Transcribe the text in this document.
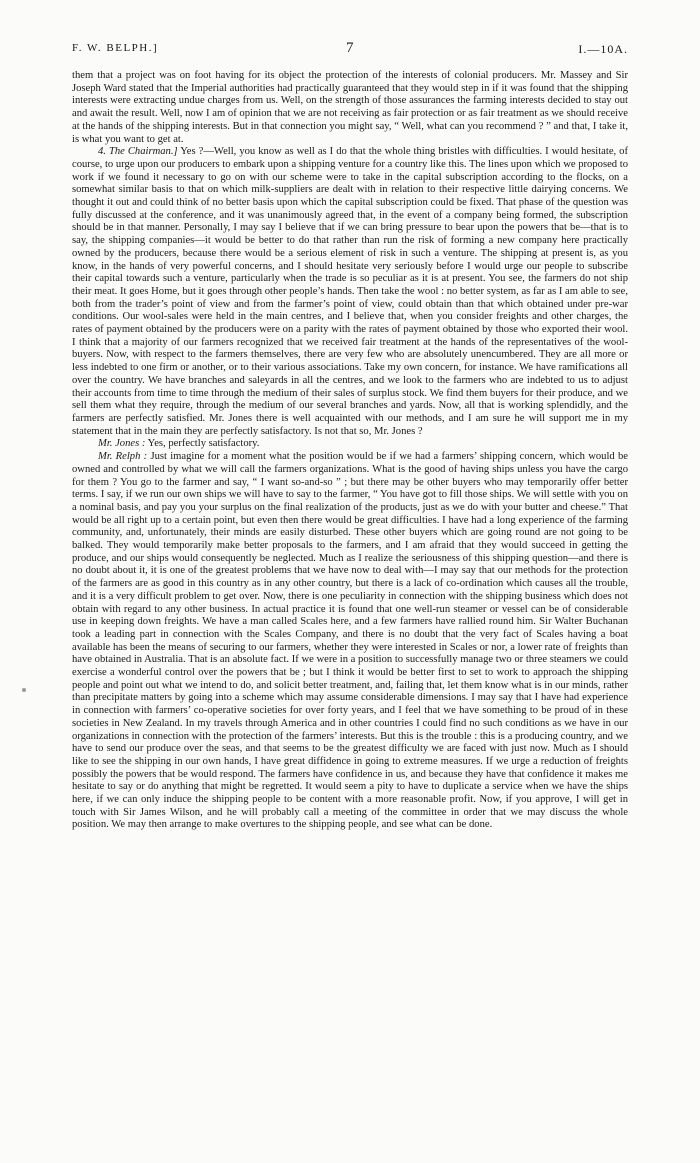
F. W. BELPH.]	7	I.—10A.

them that a project was on foot having for its object the protection of the interests of colonial producers. Mr. Massey and Sir Joseph Ward stated that the Imperial authorities had practically guaranteed that they would step in if it was found that the shipping interests were extracting undue charges from us. Well, on the strength of those assurances the farming interests decided to stay out and await the result. Well, now I am of opinion that we are not receiving as fair protection or as fair treatment as we should receive at the hands of the shipping interests. But in that connection you might say, “ Well, what can you recommend ? ” and that, I take it, is what you want to get at.

4. The Chairman.] Yes ?—Well, you know as well as I do that the whole thing bristles with difficulties. I would hesitate, of course, to urge upon our producers to embark upon a shipping venture for a country like this. The lines upon which we proposed to work if we found it necessary to go on with our scheme were to take in the capital subscription according to the flocks, on a somewhat similar basis to that on which milk-suppliers are dealt with in relation to their respective little dairying concerns. We thought it out and could think of no better basis upon which the capital subscription could be fixed. That phase of the question was fully discussed at the conference, and it was unanimously agreed that, in the event of a company being formed, the subscription should be in that manner. Personally, I may say I believe that if we can bring pressure to bear upon the powers that be—that is to say, the shipping companies—it would be better to do that rather than run the risk of forming a new company here practically owned by the producers, because there would be a serious element of risk in such a venture. The shipping at present is, as you know, in the hands of very powerful concerns, and I should hesitate very seriously before I would urge our people to subscribe their capital towards such a venture, particularly when the trade is so peculiar as it is at present. You see, the farmers do not ship their meat. It goes Home, but it goes through other people’s hands. Then take the wool : no better system, as far as I am able to see, both from the trader’s point of view and from the farmer’s point of view, could obtain than that which obtained under pre-war conditions. Our wool-sales were held in the main centres, and I believe that, when you consider freights and other charges, the rates of payment obtained by the producers were on a parity with the rates of payment obtained by those who exported their wool. I think that a majority of our farmers recognized that we received fair treatment at the hands of the representatives of the wool-buyers. Now, with respect to the farmers themselves, there are very few who are absolutely unencumbered. They are all more or less indebted to one firm or another, or to their various associations. Take my own concern, for instance. We have ramifications all over the country. We have branches and saleyards in all the centres, and we look to the farmers who are indebted to us to adjust their accounts from time to time through the medium of their sales of surplus stock. We find them buyers for their produce, and we sell them what they require, through the medium of our several branches and yards. Now, all that is working splendidly, and the farmers are perfectly satisfied. Mr. Jones there is well acquainted with our methods, and I am sure he will support me in my statement that in the main they are perfectly satisfactory. Is not that so, Mr. Jones ?

Mr. Jones : Yes, perfectly satisfactory.

Mr. Relph : Just imagine for a moment what the position would be if we had a farmers’ shipping concern, which would be owned and controlled by what we will call the farmers organizations. What is the good of having ships unless you have the cargo for them ? You go to the farmer and say, “ I want so-and-so ” ; but there may be other buyers who may temporarily offer better terms. I say, if we run our own ships we will have to say to the farmer, “ You have got to fill those ships. We will settle with you on a nominal basis, and pay you your surplus on the final realization of the products, just as we do with your butter and cheese.” That would be all right up to a certain point, but even then there would be great difficulties. I have had a long experience of the farming community, and, unfortunately, their minds are easily disturbed. These other buyers which are going round are not going to be balked. They would temporarily make better proposals to the farmers, and I am afraid that they would succeed in getting the produce, and our ships would consequently be neglected. Much as I realize the seriousness of this shipping question—and there is no doubt about it, it is one of the greatest problems that we have now to deal with—I may say that our methods for the protection of the farmers are as good in this country as in any other country, but there is a lack of co-ordination which causes all the trouble, and it is a very difficult problem to get over. Now, there is one peculiarity in connection with the shipping business which does not obtain with regard to any other business. In actual practice it is found that one well-run steamer or vessel can be of considerable use in keeping down freights. We have a man called Scales here, and a few farmers have rallied round him. Sir Walter Buchanan took a leading part in connection with the Scales Company, and there is no doubt that the very fact of Scales having a boat available has been the means of securing to our farmers, whether they were interested in Scales or nor, a lower rate of freights than have obtained in Australia. That is an absolute fact. If we were in a position to successfully manage two or three steamers we could exercise a wonderful control over the powers that be ; but I think it would be better first to set to work to approach the shipping people and point out what we intend to do, and solicit better treatment, and, failing that, let them know what is in our minds, rather than precipitate matters by going into a scheme which may assume considerable dimensions. I may say that I have had experience in connection with farmers’ co-operative societies for over forty years, and I feel that we have something to be proud of in these societies in New Zealand. In my travels through America and in other countries I could find no such conditions as we have in our organizations in connection with the protection of the farmers’ interests. But this is the trouble : this is a producing country, and we have to send our produce over the seas, and that seems to be the greatest difficulty we are faced with just now. Much as I should like to see the shipping in our own hands, I have great diffidence in going to extreme measures. If we urge a reduction of freights possibly the powers that be would respond. The farmers have confidence in us, and because they have that confidence it makes me hesitate to say or do anything that might be regretted. It would seem a pity to have to duplicate a service when we have the ships here, if we can only induce the shipping people to be content with a more reasonable profit. Now, if you approve, I will get in touch with Sir James Wilson, and he will probably call a meeting of the committee in order that we may discuss the whole position. We may then arrange to make overtures to the shipping people, and see what can be done.
